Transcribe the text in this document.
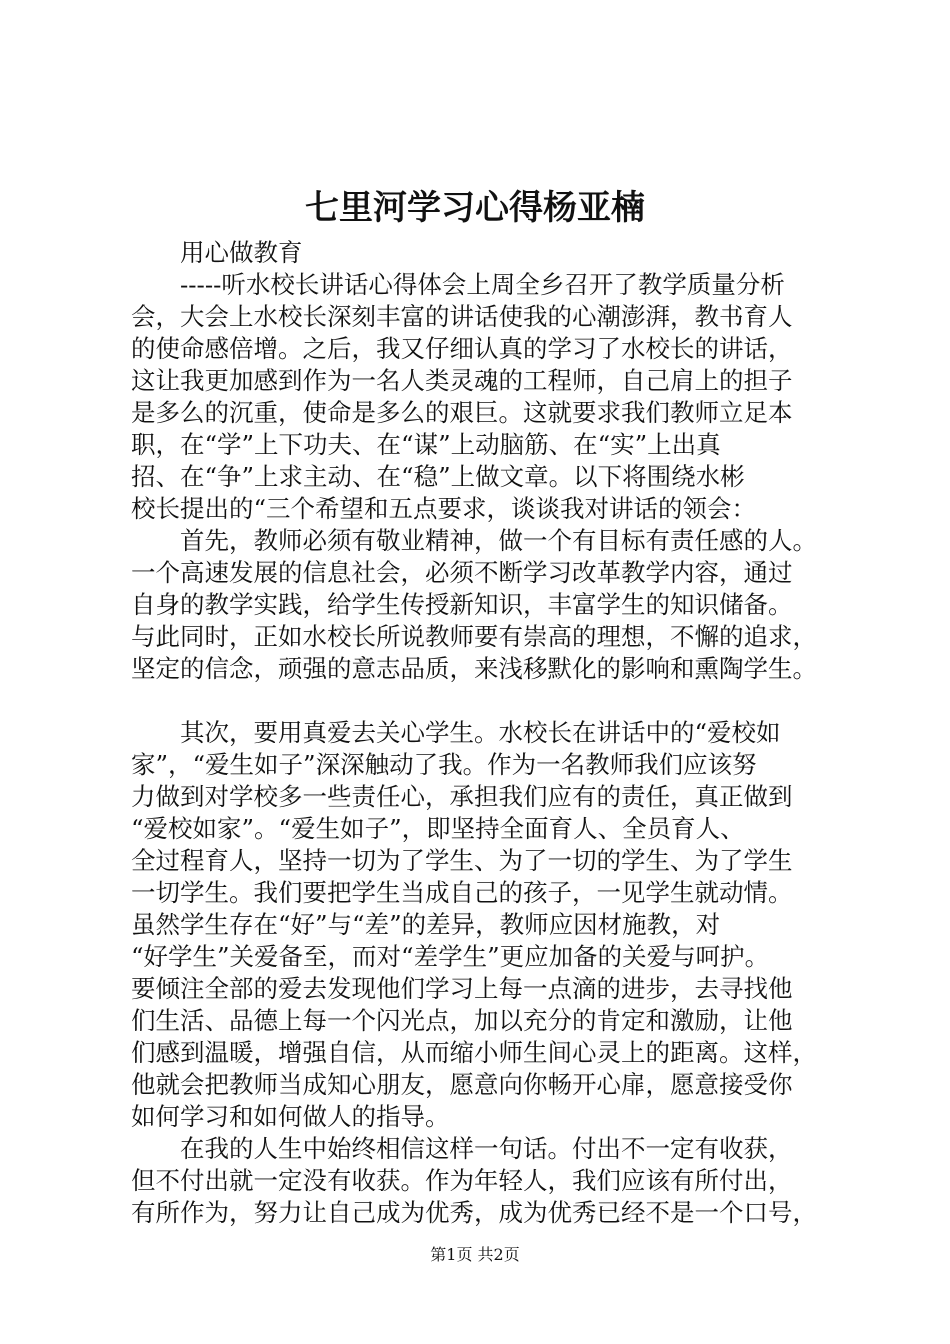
七里河学习心得杨亚楠
　　用心做教育
　　-----听水校长讲话心得体会上周全乡召开了教学质量分析
会，大会上水校长深刻丰富的讲话使我的心潮澎湃，教书育人
的使命感倍增。之后，我又仔细认真的学习了水校长的讲话，
这让我更加感到作为一名人类灵魂的工程师，自己肩上的担子
是多么的沉重，使命是多么的艰巨。这就要求我们教师立足本
职，在“学”上下功夫、在“谋”上动脑筋、在“实”上出真
招、在“争”上求主动、在“稳”上做文章。以下将围绕水彬
校长提出的“三个希望和五点要求，谈谈我对讲话的领会：
　　首先，教师必须有敬业精神，做一个有目标有责任感的人。
一个高速发展的信息社会，必须不断学习改革教学内容，通过
自身的教学实践，给学生传授新知识，丰富学生的知识储备。
与此同时，正如水校长所说教师要有崇高的理想，不懈的追求，
坚定的信念，顽强的意志品质，来浅移默化的影响和熏陶学生。
　　其次，要用真爱去关心学生。水校长在讲话中的“爱校如
家”，“爱生如子”深深触动了我。作为一名教师我们应该努
力做到对学校多一些责任心，承担我们应有的责任，真正做到
“爱校如家”。“爱生如子”，即坚持全面育人、全员育人、
全过程育人，坚持一切为了学生、为了一切的学生、为了学生
一切学生。我们要把学生当成自己的孩子，一见学生就动情。
虽然学生存在“好”与“差”的差异，教师应因材施教，对
“好学生”关爱备至，而对“差学生”更应加备的关爱与呵护。
要倾注全部的爱去发现他们学习上每一点滴的进步，去寻找他
们生活、品德上每一个闪光点，加以充分的肯定和激励，让他
们感到温暖，增强自信，从而缩小师生间心灵上的距离。这样，
他就会把教师当成知心朋友，愿意向你畅开心扉，愿意接受你
如何学习和如何做人的指导。
　　在我的人生中始终相信这样一句话。付出不一定有收获，
但不付出就一定没有收获。作为年轻人，我们应该有所付出，
有所作为，努力让自己成为优秀，成为优秀已经不是一个口号，
第1页 共2页
